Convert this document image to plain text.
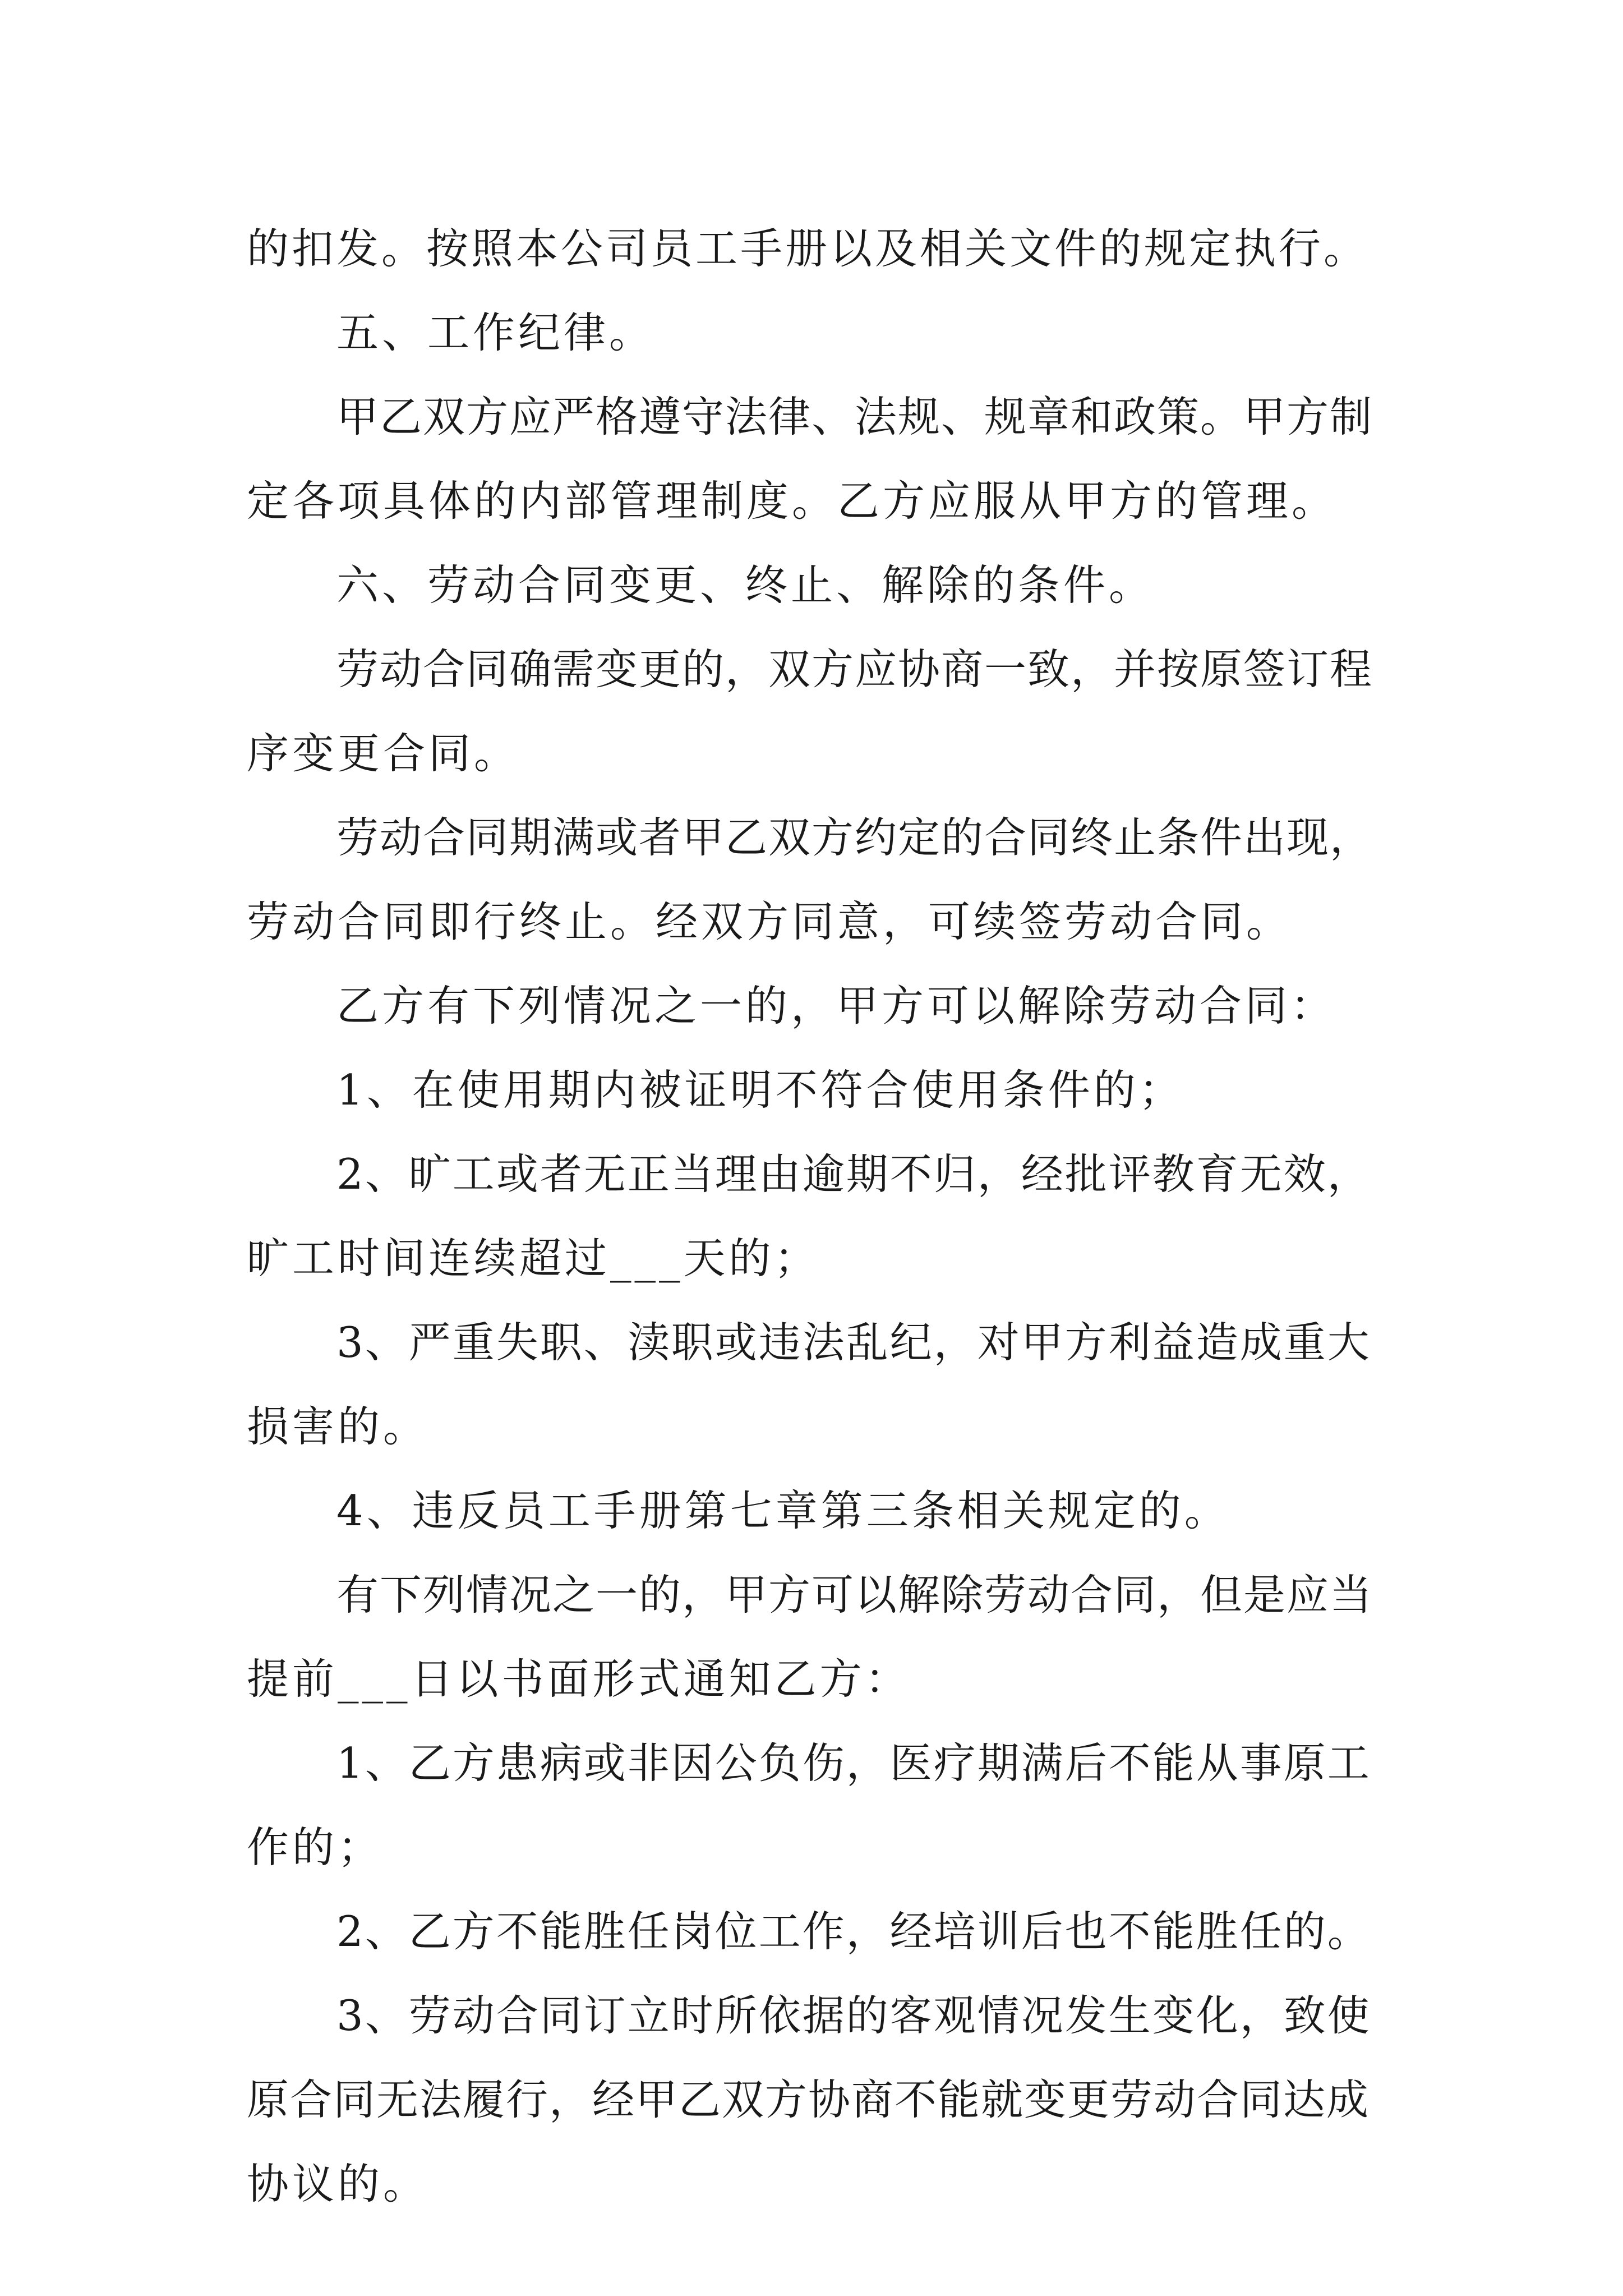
的扣发。按照本公司员工手册以及相关文件的规定执行。
五、工作纪律。
甲乙双方应严格遵守法律、法规、规章和政策。甲方制
定各项具体的内部管理制度。乙方应服从甲方的管理。
六、劳动合同变更、终止、解除的条件。
劳动合同确需变更的，双方应协商一致，并按原签订程
序变更合同。
劳动合同期满或者甲乙双方约定的合同终止条件出现，
劳动合同即行终止。经双方同意，可续签劳动合同。
乙方有下列情况之一的，甲方可以解除劳动合同：
1、在使用期内被证明不符合使用条件的；
2、旷工或者无正当理由逾期不归，经批评教育无效，
旷工时间连续超过___天的；
3、严重失职、渎职或违法乱纪，对甲方利益造成重大
损害的。
4、违反员工手册第七章第三条相关规定的。
有下列情况之一的，甲方可以解除劳动合同，但是应当
提前___日以书面形式通知乙方：
1、乙方患病或非因公负伤，医疗期满后不能从事原工
作的；
2、乙方不能胜任岗位工作，经培训后也不能胜任的。
3、劳动合同订立时所依据的客观情况发生变化，致使
原合同无法履行，经甲乙双方协商不能就变更劳动合同达成
协议的。
